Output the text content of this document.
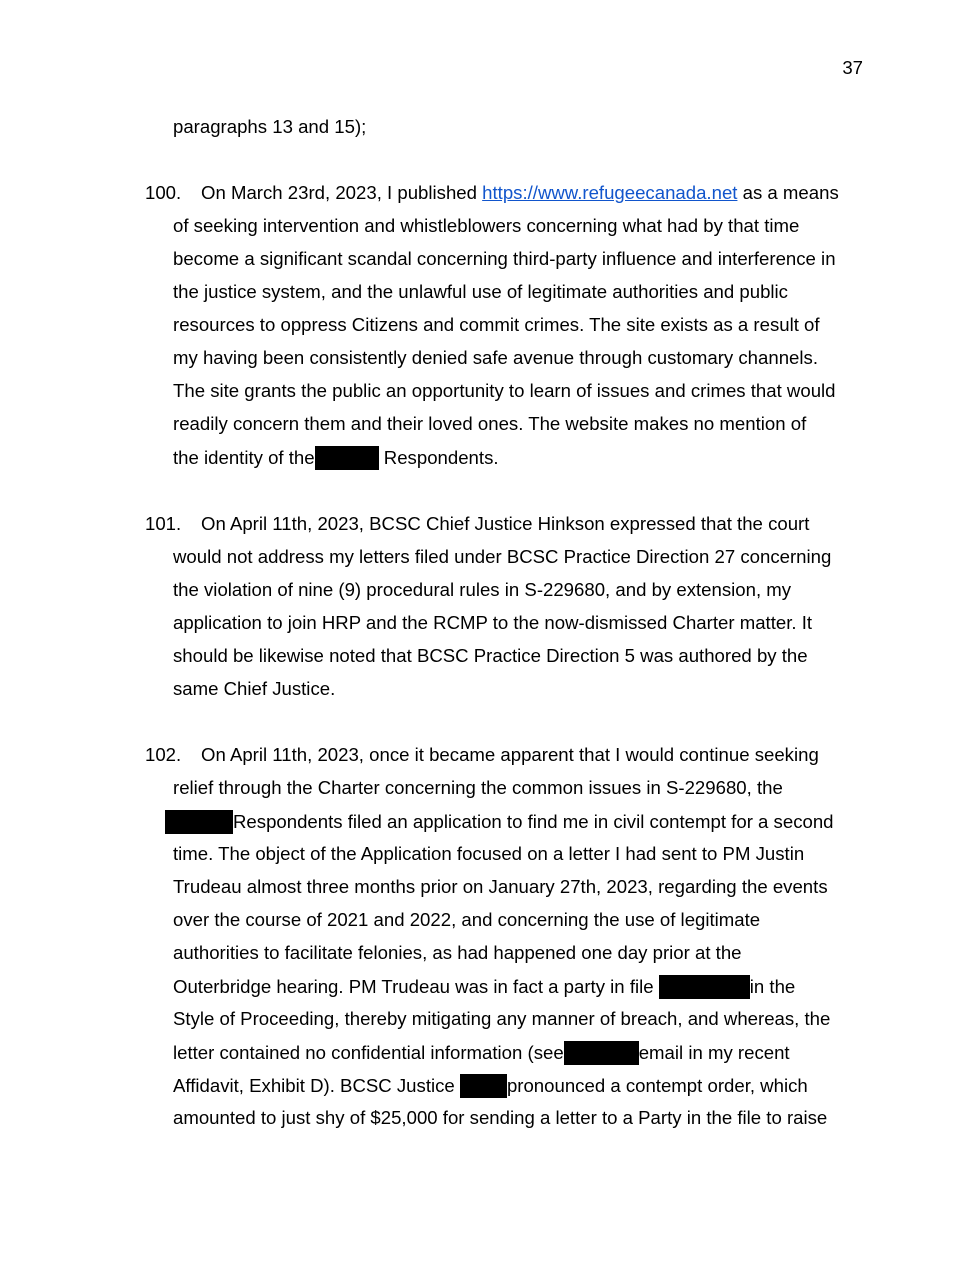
37
paragraphs 13 and 15);
100. On March 23rd, 2023, I published https://www.refugeecanada.net as a means
of seeking intervention and whistleblowers concerning what had by that time
become a significant scandal concerning third-party influence and interference in
the justice system, and the unlawful use of legitimate authorities and public
resources to oppress Citizens and commit crimes. The site exists as a result of
my having been consistently denied safe avenue through customary channels.
The site grants the public an opportunity to learn of issues and crimes that would
readily concern them and their loved ones. The website makes no mention of
the identity of the	Respondents.
101. On April 11th, 2023, BCSC Chief Justice Hinkson expressed that the court
would not address my letters filed under BCSC Practice Direction 27 concerning
the violation of nine (9) procedural rules in S-229680, and by extension, my
application to join HRP and the RCMP to the now-dismissed Charter matter. It
should be likewise noted that BCSC Practice Direction 5 was authored by the
same Chief Justice.
102. On April 11th, 2023, once it became apparent that I would continue seeking
relief through the Charter concerning the common issues in S-229680, the
Respondents filed an application to find me in civil contempt for a second
time. The object of the Application focused on a letter I had sent to PM Justin
Trudeau almost three months prior on January 27th, 2023, regarding the events
over the course of 2021 and 2022, and concerning the use of legitimate
authorities to facilitate felonies, as had happened one day prior at the
Outerbridge hearing. PM Trudeau was in fact a party in file	in the
Style of Proceeding, thereby mitigating any manner of breach, and whereas, the
letter contained no confidential information (see	email in my recent
Affidavit, Exhibit D). BCSC Justice	pronounced a contempt order, which
amounted to just shy of $25,000 for sending a letter to a Party in the file to raise
